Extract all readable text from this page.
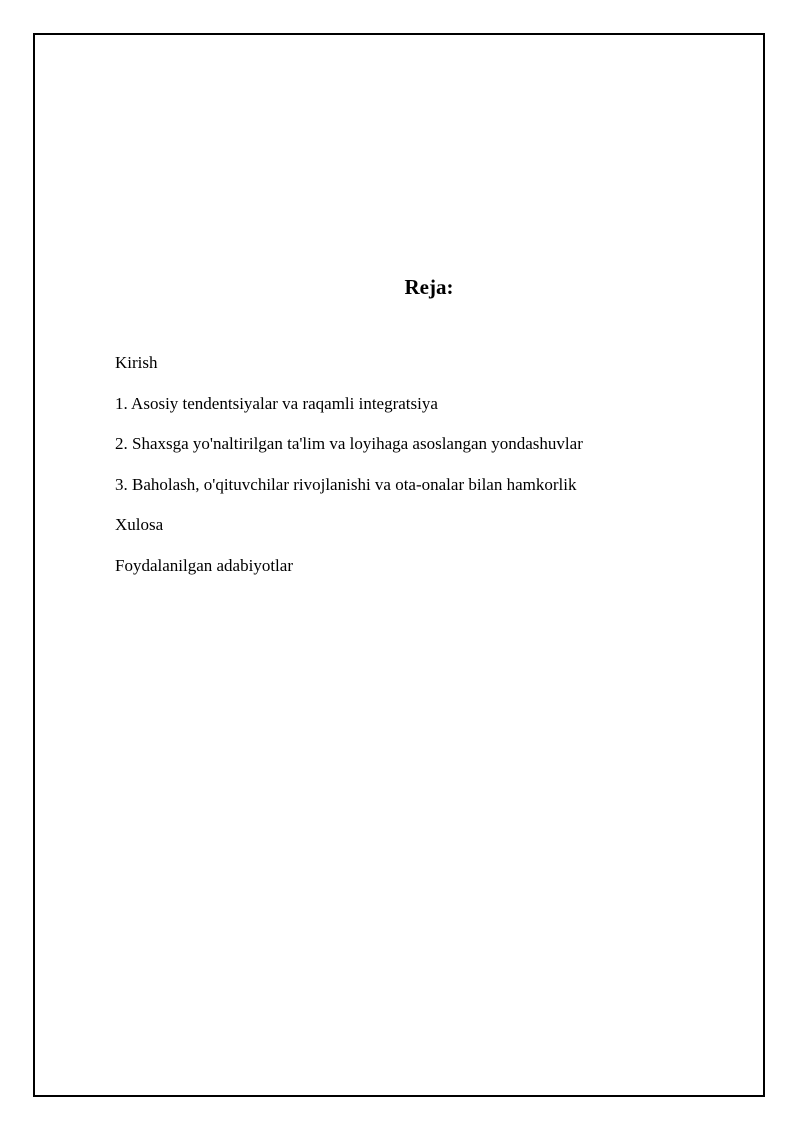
Reja:
Kirish
1. Asosiy tendentsiyalar va raqamli integratsiya
2. Shaxsga yo'naltirilgan ta'lim va loyihaga asoslangan yondashuvlar
3. Baholash, o'qituvchilar rivojlanishi va ota-onalar bilan hamkorlik
Xulosa
Foydalanilgan adabiyotlar
